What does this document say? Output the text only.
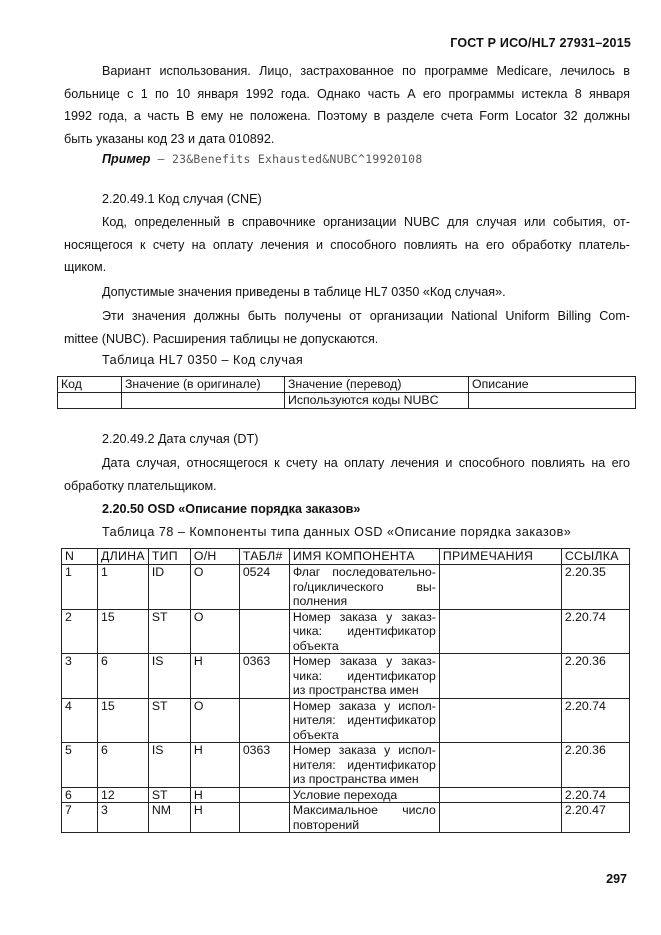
ГОСТ Р ИСО/HL7 27931–2015
Вариант использования. Лицо, застрахованное по программе Medicare, лечилось в
больнице с 1 по 10 января 1992 года. Однако часть А его программы истекла 8 января
1992 года, а часть В ему не положена. Поэтому в разделе счета Form Locator 32 должны
быть указаны код 23 и дата 010892.
Пример – 23&Benefits Exhausted&NUBC^19920108
2.20.49.1 Код случая (CNE)
Код, определенный в справочнике организации NUBC для случая или события, от-
носящегося к счету на оплату лечения и способного повлиять на его обработку платель-
щиком.
Допустимые значения приведены в таблице HL7 0350 «Код случая».
Эти значения должны быть получены от организации National Uniform Billing Com-
mittee (NUBC). Расширения таблицы не допускаются.
Таблица HL7 0350 – Код случая
Код	Значение (в оригинале)	Значение (перевод)	Описание
		Используются коды NUBC	
2.20.49.2 Дата случая (DT)
Дата случая, относящегося к счету на оплату лечения и способного повлиять на его
обработку плательщиком.
2.20.50 OSD «Описание порядка заказов»
Таблица 78 – Компоненты типа данных OSD «Описание порядка заказов»
N	ДЛИНА	ТИП	О/Н	ТАБЛ#	ИМЯ КОМПОНЕНТА	ПРИМЕЧАНИЯ	ССЫЛКА
1	1	ID	О	0524	Флаг последовательно-
го/циклического вы-
полнения		2.20.35
2	15	ST	О		Номер заказа у заказ-
чика: идентификатор
объекта		2.20.74
3	6	IS	Н	0363	Номер заказа у заказ-
чика: идентификатор
из пространства имен		2.20.36
4	15	ST	О		Номер заказа у испол-
нителя: идентификатор
объекта		2.20.74
5	6	IS	Н	0363	Номер заказа у испол-
нителя: идентификатор
из пространства имен		2.20.36
6	12	ST	Н		Условие перехода		2.20.74
7	3	NM	Н		Максимальное число
повторений		2.20.47
297
